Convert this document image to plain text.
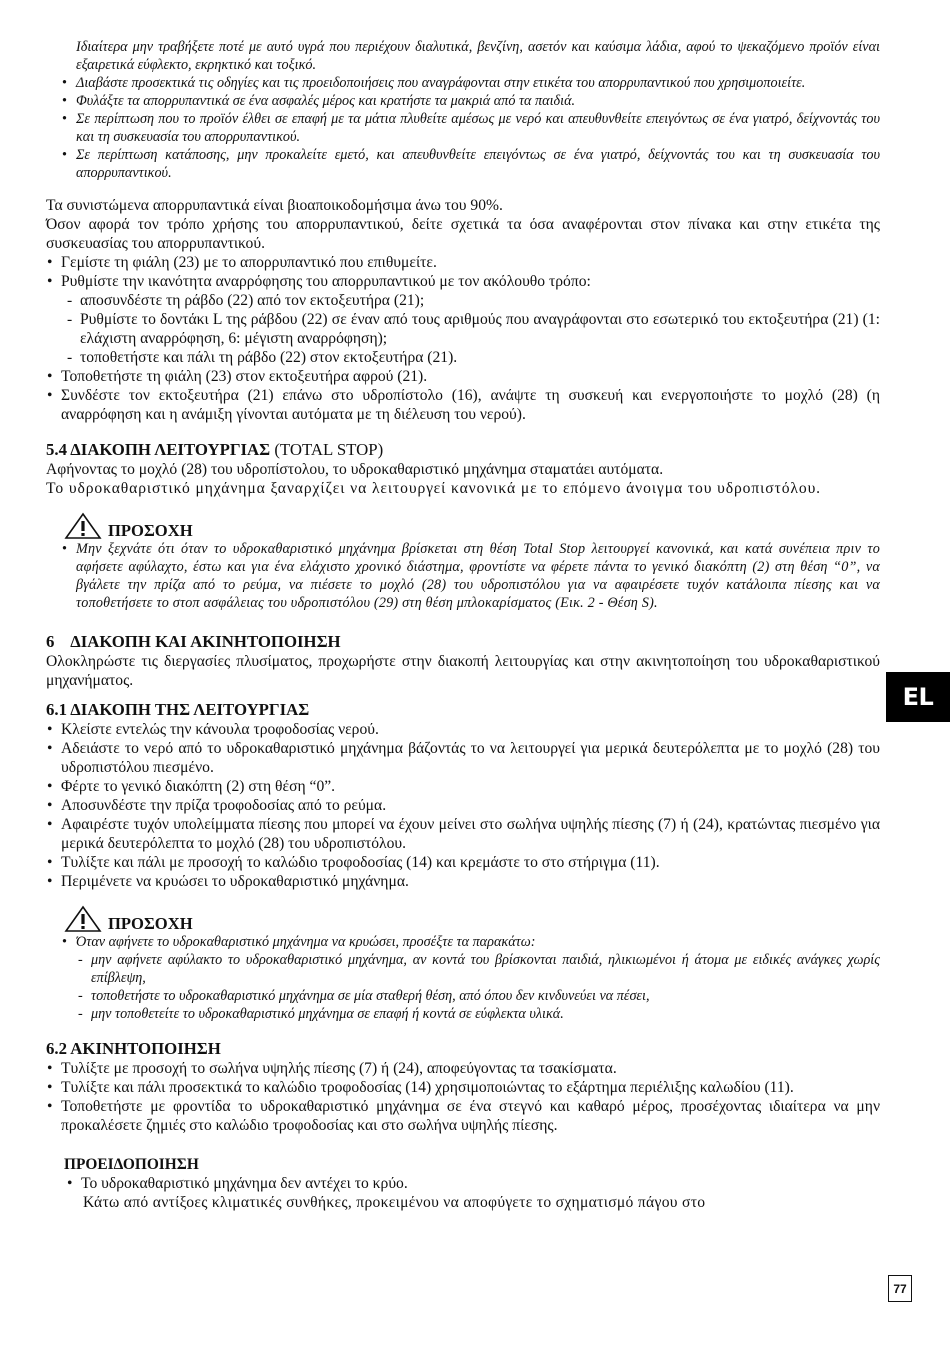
Ιδιαίτερα μην τραβήξετε ποτέ με αυτό υγρά που περιέχουν διαλυτικά, βενζίνη, ασετόν και καύσιμα λάδια, αφού το ψεκαζόμενο προϊόν είναι εξαιρετικά εύφλεκτο, εκρηκτικό και τοξικό.

• Διαβάστε προσεκτικά τις οδηγίες και τις προειδοποιήσεις που αναγράφονται στην ετικέτα του απορρυπαντικού που χρησιμοποιείτε.
• Φυλάξτε τα απορρυπαντικά σε ένα ασφαλές μέρος και κρατήστε τα μακριά από τα παιδιά.
• Σε περίπτωση που το προϊόν έλθει σε επαφή με τα μάτια πλυθείτε αμέσως με νερό και απευθυνθείτε επειγόντως σε ένα γιατρό, δείχνοντάς του και τη συσκευασία του απορρυπαντικού.
• Σε περίπτωση κατάποσης, μην προκαλείτε εμετό, και απευθυνθείτε επειγόντως σε ένα γιατρό, δείχνοντάς του και τη συσκευασία του απορρυπαντικού.

Τα συνιστώμενα απορρυπαντικά είναι βιοαποικοδομήσιμα άνω του 90%.

Όσον αφορά τον τρόπο χρήσης του απορρυπαντικού, δείτε σχετικά τα όσα αναφέρονται στον πίνακα και στην ετικέτα της συσκευασίας του απορρυπαντικού.

• Γεμίστε τη φιάλη (23) με το απορρυπαντικό που επιθυμείτε.
• Ρυθμίστε την ικανότητα αναρρόφησης του απορρυπαντικού με τον ακόλουθο τρόπο:
- αποσυνδέστε τη ράβδο (22) από τον εκτοξευτήρα (21);
- Ρυθμίστε το δοντάκι L της ράβδου (22) σε έναν από τους αριθμούς που αναγράφονται στο εσωτερικό του εκτοξευτήρα (21) (1: ελάχιστη αναρρόφηση, 6: μέγιστη αναρρόφηση);
- τοποθετήστε και πάλι τη ράβδο (22) στον εκτοξευτήρα (21).
• Τοποθετήστε τη φιάλη (23) στον εκτοξευτήρα αφρού (21).
• Συνδέστε τον εκτοξευτήρα (21) επάνω στο υδροπίστολο (16), ανάψτε τη συσκευή και ενεργοποιήστε το μοχλό (28) (η αναρρόφηση και η ανάμιξη γίνονται αυτόματα με τη διέλευση του νερού).
5.4 ΔΙΑΚΟΠΗ ΛΕΙΤΟΥΡΓΙΑΣ (TOTAL STOP)

Αφήνοντας το μοχλό (28) του υδροπίστολου, το υδροκαθαριστικό μηχάνημα σταματάει αυτόματα.

Το υδροκαθαριστικό μηχάνημα ξαναρχίζει να λειτουργεί κανονικά με το επόμενο άνοιγμα του υδροπιστόλου.

ΠΡΟΣΟΧΗ
• Μην ξεχνάτε ότι όταν το υδροκαθαριστικό μηχάνημα βρίσκεται στη θέση Total Stop λειτουργεί κανονικά, και κατά συνέπεια πριν το αφήσετε αφύλαχτο, έστω και για ένα ελάχιστο χρονικό διάστημα, φροντίστε να φέρετε πάντα το γενικό διακόπτη (2) στη θέση “0”, να βγάλετε την πρίζα από το ρεύμα, να πιέσετε το μοχλό (28) του υδροπιστόλου για να αφαιρέσετε τυχόν κατάλοιπα πίεσης και να τοποθετήσετε το στοπ ασφάλειας του υδροπιστόλου (29) στη θέση μπλοκαρίσματος (Εικ. 2 - Θέση S).
6 ΔΙΑΚΟΠΗ ΚΑΙ ΑΚΙΝΗΤΟΠΟΙΗΣΗ

Ολοκληρώστε τις διεργασίες πλυσίματος, προχωρήστε στην διακοπή λειτουργίας και στην ακινητοποίηση του υδροκαθαριστικού μηχανήματος.

6.1 ΔΙΑΚΟΠΗ ΤΗΣ ΛΕΙΤΟΥΡΓΙΑΣ
• Κλείστε εντελώς την κάνουλα τροφοδοσίας νερού.
• Αδειάστε το νερό από το υδροκαθαριστικό μηχάνημα βάζοντάς το να λειτουργεί για μερικά δευτερόλεπτα με το μοχλό (28) του υδροπιστόλου πιεσμένο.
• Φέρτε το γενικό διακόπτη (2) στη θέση “0”.
• Αποσυνδέστε την πρίζα τροφοδοσίας από το ρεύμα.
• Αφαιρέστε τυχόν υπολείμματα πίεσης που μπορεί να έχουν μείνει στο σωλήνα υψηλής πίεσης (7) ή (24), κρατώντας πιεσμένο για μερικά δευτερόλεπτα το μοχλό (28) του υδροπιστόλου.
• Τυλίξτε και πάλι με προσοχή το καλώδιο τροφοδοσίας (14) και κρεμάστε το στο στήριγμα (11).
• Περιμένετε να κρυώσει το υδροκαθαριστικό μηχάνημα.
ΠΡΟΣΟΧΗ
• Όταν αφήνετε το υδροκαθαριστικό μηχάνημα να κρυώσει, προσέξτε τα παρακάτω:
- μην αφήνετε αφύλακτο το υδροκαθαριστικό μηχάνημα, αν κοντά του βρίσκονται παιδιά, ηλικιωμένοι ή άτομα με ειδικές ανάγκες χωρίς επίβλεψη,
- τοποθετήστε το υδροκαθαριστικό μηχάνημα σε μία σταθερή θέση, από όπου δεν κινδυνεύει να πέσει,
- μην τοποθετείτε το υδροκαθαριστικό μηχάνημα σε επαφή ή κοντά σε εύφλεκτα υλικά.
6.2 ΑΚΙΝΗΤΟΠΟΙΗΣΗ
• Τυλίξτε με προσοχή το σωλήνα υψηλής πίεσης (7) ή (24), αποφεύγοντας τα τσακίσματα.
• Τυλίξτε και πάλι προσεκτικά το καλώδιο τροφοδοσίας (14) χρησιμοποιώντας το εξάρτημα περιέλιξης καλωδίου (11).
• Τοποθετήστε με φροντίδα το υδροκαθαριστικό μηχάνημα σε ένα στεγνό και καθαρό μέρος, προσέχοντας ιδιαίτερα να μην προκαλέσετε ζημιές στο καλώδιο τροφοδοσίας και στο σωλήνα υψηλής πίεσης.
ΠΡΟΕΙΔΟΠΟΙΗΣΗ
• Το υδροκαθαριστικό μηχάνημα δεν αντέχει το κρύο.

Κάτω από αντίξοες κλιματικές συνθήκες, προκειμένου να αποφύγετε το σχηματισμό πάγου στο

EL
77
